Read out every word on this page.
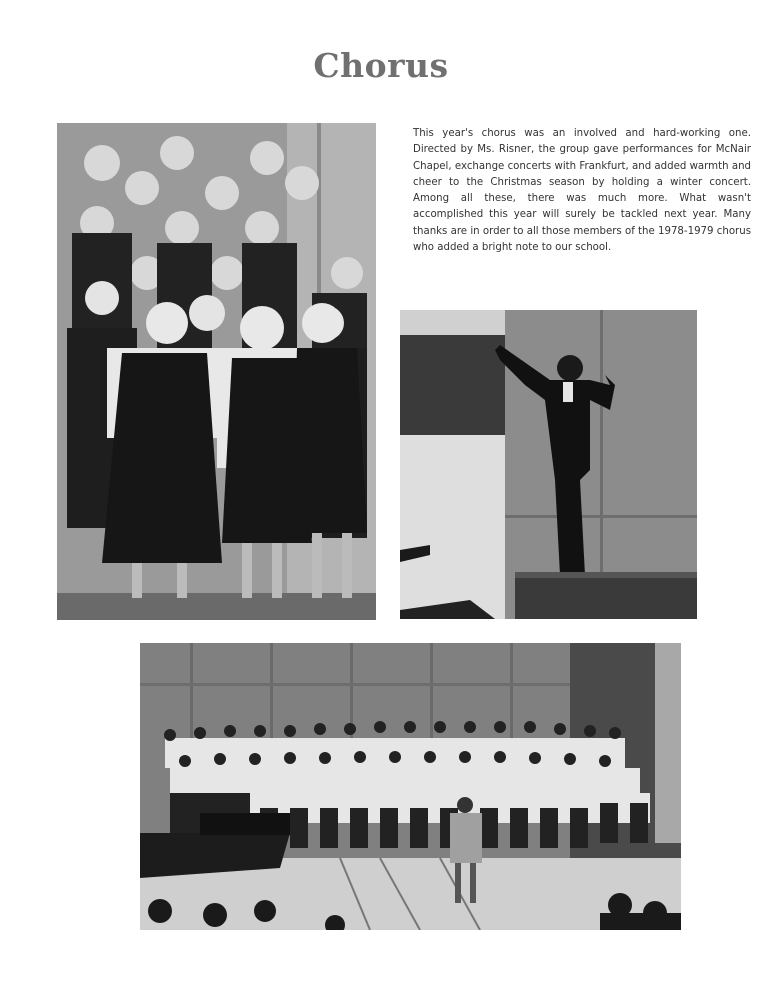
Chorus
This year's chorus was an involved and hard-working one. Directed by Ms. Risner, the group gave performances for McNair Chapel, exchange concerts with Frankfurt, and added warmth and cheer to the Christmas season by holding a winter concert. Among all these, there was much more. What wasn't accomplished this year will surely be tackled next year. Many thanks are in order to all those members of the 1978-1979 chorus who added a bright note to our school.
